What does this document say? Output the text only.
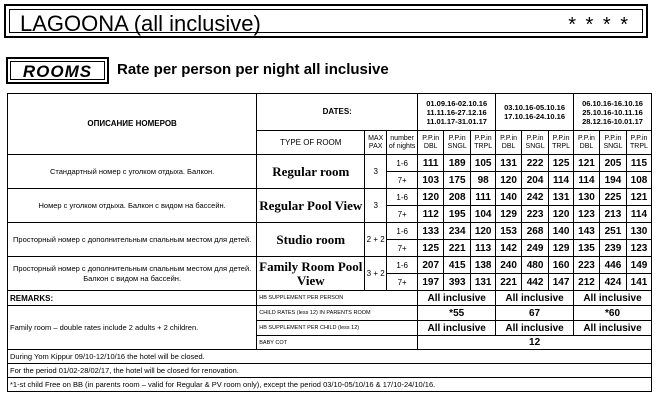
LAGOONA (all inclusive)	* * * *
ROOMS	Rate per person per night all inclusive
ОПИСАНИЕ НОМЕРОВ	DATES:			01.09.16-02.10.16
11.11.16-27.12.16
11.01.17-31.01.17			03.10.16-05.10.16
17.10.16-24.10.16			06.10.16-16.10.16
25.10.16-10.11.16
28.12.16-10.01.17		
	TYPE OF ROOM	MAX PAX	number of nights	P.P.in DBL	P.P.in SNGL	P.P.in TRPL	P.P.in DBL	P.P.in SNGL	P.P.in TRPL	P.P.in DBL	P.P.in SNGL	P.P.in TRPL
Стандартный номер с уголком отдыха. Балкон.	Regular room	3	1-6	111	189	105	131	222	125	121	205	115
			7+	103	175	98	120	204	114	114	194	108
Номер с уголком отдыха. Балкон с видом на бассейн.	Regular Pool View	3	1-6	120	208	111	140	242	131	130	225	121
			7+	112	195	104	129	223	120	123	213	114
Просторный номер с дополнительным спальным местом для детей.	Studio room	2 + 2	1-6	133	234	120	153	268	140	143	251	130
			7+	125	221	113	142	249	129	135	239	123
Просторный номер с дополнительным спальным местом для детей. Балкон с видом на бассейн.	Family Room Pool View	3 + 2	1-6	207	415	138	240	480	160	223	446	149
			7+	197	393	131	221	442	147	212	424	141
REMARKS:	HB SUPPLEMENT PER PERSON			All inclusive			All inclusive			All inclusive		
Family room – double rates include 2 adults + 2 children.	CHILD RATES (less 12) IN PARENTS ROOM			*55			67			*60		
	HB SUPPLEMENT PER CHILD (less 12)			All inclusive			All inclusive			All inclusive		
	BABY COT			12								
During Yom Kippur 09/10-12/10/16 the hotel will be closed.												
For the period 01/02-28/02/17, the hotel will be closed for renovation.												
*1-st child Free on BB (in parents room – valid for Regular & PV room only), except the period 03/10-05/10/16 & 17/10-24/10/16.												
